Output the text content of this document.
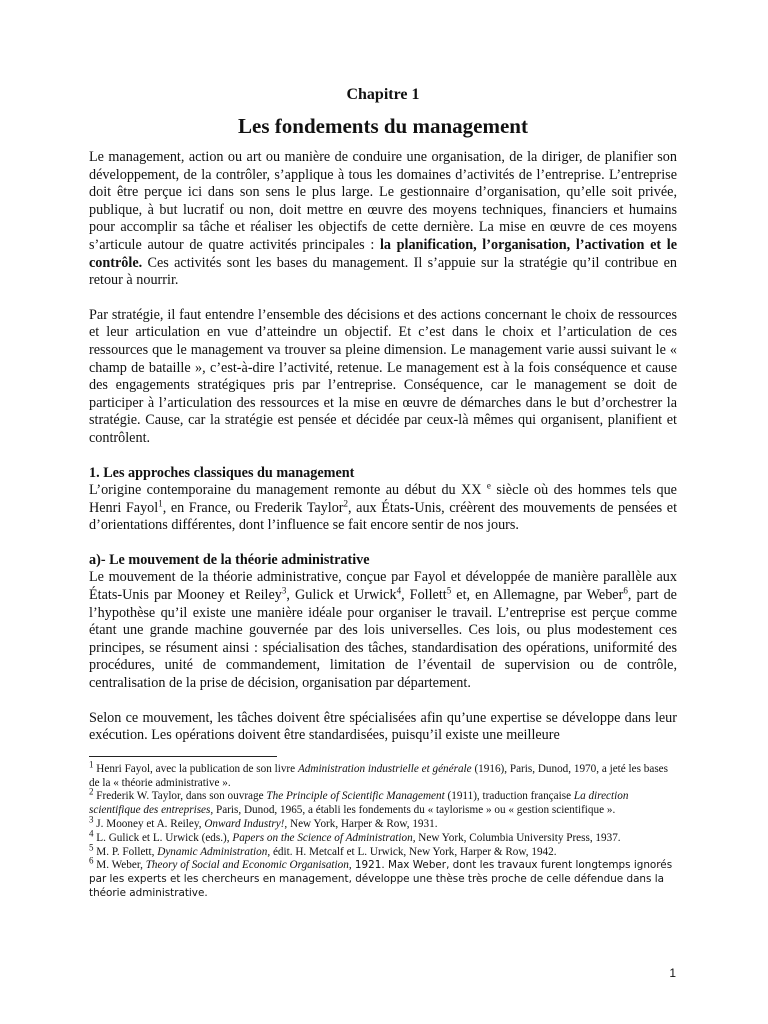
Chapitre 1
Les fondements du management

Le management, action ou art ou manière de conduire une organisation, de la diriger, de planifier son développement, de la contrôler, s’applique à tous les domaines d’activités de l’entreprise. L’entreprise doit être perçue ici dans son sens le plus large. Le gestionnaire d’organisation, qu’elle soit privée, publique, à but lucratif ou non, doit mettre en œuvre des moyens techniques, financiers et humains pour accomplir sa tâche et réaliser les objectifs de cette dernière. La mise en œuvre de ces moyens s’articule autour de quatre activités principales : la planification, l’organisation, l’activation et le contrôle. Ces activités sont les bases du management. Il s’appuie sur la stratégie qu’il contribue en retour à nourrir.

Par stratégie, il faut entendre l’ensemble des décisions et des actions concernant le choix de ressources et leur articulation en vue d’atteindre un objectif. Et c’est dans le choix et l’articulation de ces ressources que le management va trouver sa pleine dimension. Le management varie aussi suivant le « champ de bataille », c’est-à-dire l’activité, retenue. Le management est à la fois conséquence et cause des engagements stratégiques pris par l’entreprise. Conséquence, car le management se doit de participer à l’articulation des ressources et la mise en œuvre de démarches dans le but d’orchestrer la stratégie. Cause, car la stratégie est pensée et décidée par ceux-là mêmes qui organisent, planifient et contrôlent.

1. Les approches classiques du management

L’origine contemporaine du management remonte au début du XX $^e$ siècle où des hommes tels que Henri Fayol$^1$, en France, ou Frederik Taylor$^2$, aux États-Unis, créèrent des mouvements de pensées et d’orientations différentes, dont l’influence se fait encore sentir de nos jours.

a)- Le mouvement de la théorie administrative

Le mouvement de la théorie administrative, conçue par Fayol et développée de manière parallèle aux États-Unis par Mooney et Reiley$^3$, Gulick et Urwick$^4$, Follett$^5$ et, en Allemagne, par Weber$^6$, part de l’hypothèse qu’il existe une manière idéale pour organiser le travail. L’entreprise est perçue comme étant une grande machine gouvernée par des lois universelles. Ces lois, ou plus modestement ces principes, se résument ainsi : spécialisation des tâches, standardisation des opérations, uniformité des procédures, unité de commandement, limitation de l’éventail de supervision ou de contrôle, centralisation de la prise de décision, organisation par département.

Selon ce mouvement, les tâches doivent être spécialisées afin qu’une expertise se développe dans leur exécution. Les opérations doivent être standardisées, puisqu’il existe une meilleure

$^1$ Henri Fayol, avec la publication de son livre Administration industrielle et générale (1916), Paris, Dunod, 1970, a jeté les bases de la « théorie administrative ».

$^2$ Frederik W. Taylor, dans son ouvrage The Principle of Scientific Management (1911), traduction française La direction scientifique des entreprises, Paris, Dunod, 1965, a établi les fondements du « taylorisme » ou « gestion scientifique ».

$^3$ J. Mooney et A. Reiley, Onward Industry!, New York, Harper & Row, 1931.

$^4$ L. Gulick et L. Urwick (eds.), Papers on the Science of Administration, New York, Columbia University Press, 1937.

$^5$ M. P. Follett, Dynamic Administration, édit. H. Metcalf et L. Urwick, New York, Harper & Row, 1942.

$^6$ M. Weber, Theory of Social and Economic Organisation, 1921. Max Weber, dont les travaux furent longtemps ignorés par les experts et les chercheurs en management, développe une thèse très proche de celle défendue dans la théorie administrative.

1
